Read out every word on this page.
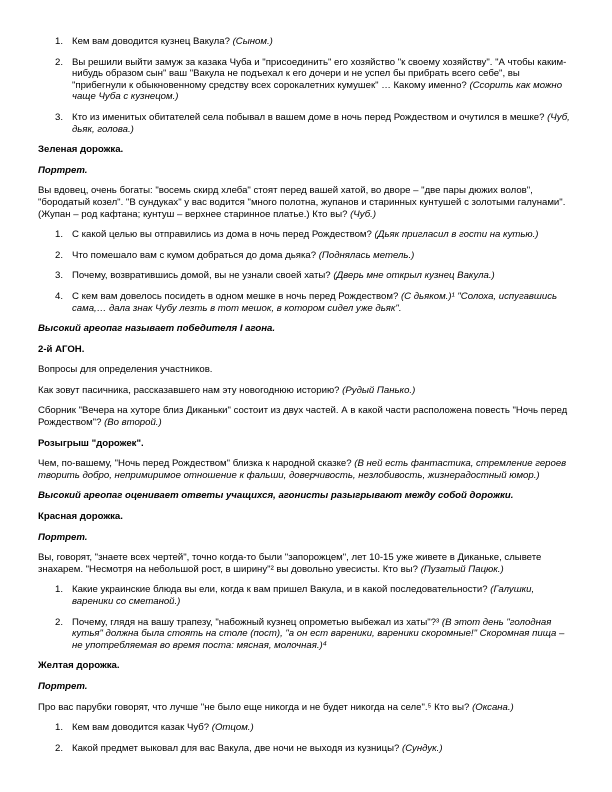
1. Кем вам доводится кузнец Вакула? (Сыном.)
2. Вы решили выйти замуж за казака Чуба и "присоединить" его хозяйство "к своему хозяйству". "А чтобы каким-нибудь образом сын" ваш "Вакула не подъехал к его дочери и не успел бы прибрать всего себе", вы "прибегнули к обыкновенному средству всех сорокалетних кумушек" … Какому именно? (Ссорить как можно чаще Чуба с кузнецом.)
3. Кто из именитых обитателей села побывал в вашем доме в ночь перед Рождеством и очутился в мешке? (Чуб, дьяк, голова.)
Зеленая дорожка.
Портрет.

Вы вдовец, очень богаты: "восемь скирд хлеба" стоят перед вашей хатой, во дворе – "две пары дюжих волов", "бородатый козел". "В сундуках" у вас водится "много полотна, жупанов и старинных кунтушей с золотыми галунами". (Жупан – род кафтана; кунтуш – верхнее старинное платье.) Кто вы? (Чуб.)

1. С какой целью вы отправились из дома в ночь перед Рождеством? (Дьяк пригласил в гости на кутью.)
2. Что помешало вам с кумом добраться до дома дьяка? (Поднялась метель.)
3. Почему, возвратившись домой, вы не узнали своей хаты? (Дверь мне открыл кузнец Вакула.)
4. С кем вам довелось посидеть в одном мешке в ночь перед Рождеством? (С дьяком.)¹ "Солоха, испугавшись сама,… дала знак Чубу лезть в тот мешок, в котором сидел уже дьяк".
Высокий ареопаг называет победителя I агона.
2-й АГОН.

Вопросы для определения участников.

Как зовут пасичника, рассказавшего нам эту новогоднюю историю? (Рудый Панько.)

Сборник "Вечера на хуторе близ Диканьки" состоит из двух частей. А в какой части расположена повесть "Ночь перед Рождеством"? (Во второй.)

Розыгрыш "дорожек".

Чем, по-вашему, "Ночь перед Рождеством" близка к народной сказке? (В ней есть фантастика, стремление героев творить добро, непримиримое отношение к фальши, доверчивость, незлобивость, жизнерадостный юмор.)

Высокий ареопаг оценивает ответы учащихся, агонисты разыгрывают между собой дорожки.
Красная дорожка.
Портрет.

Вы, говорят, "знаете всех чертей", точно когда-то были "запорожцем", лет 10-15 уже живете в Диканьке, слывете знахарем. "Несмотря на небольшой рост, в ширину"² вы довольно увесисты. Кто вы? (Пузатый Пацюк.)

1. Какие украинские блюда вы ели, когда к вам пришел Вакула, и в какой последовательности? (Галушки, вареники со сметаной.)
2. Почему, глядя на вашу трапезу, "набожный кузнец опрометью выбежал из хаты"?³ (В этот день "голодная кутья" должна была стоять на столе (пост), "а он ест вареники, вареники скоромные!" Скоромная пища – не употребляемая во время поста: мясная, молочная.)⁴
Желтая дорожка.
Портрет.

Про вас парубки говорят, что лучше "не было еще никогда и не будет никогда на селе".⁵ Кто вы? (Оксана.)

1. Кем вам доводится казак Чуб? (Отцом.)
2. Какой предмет выковал для вас Вакула, две ночи не выходя из кузницы? (Сундук.)
